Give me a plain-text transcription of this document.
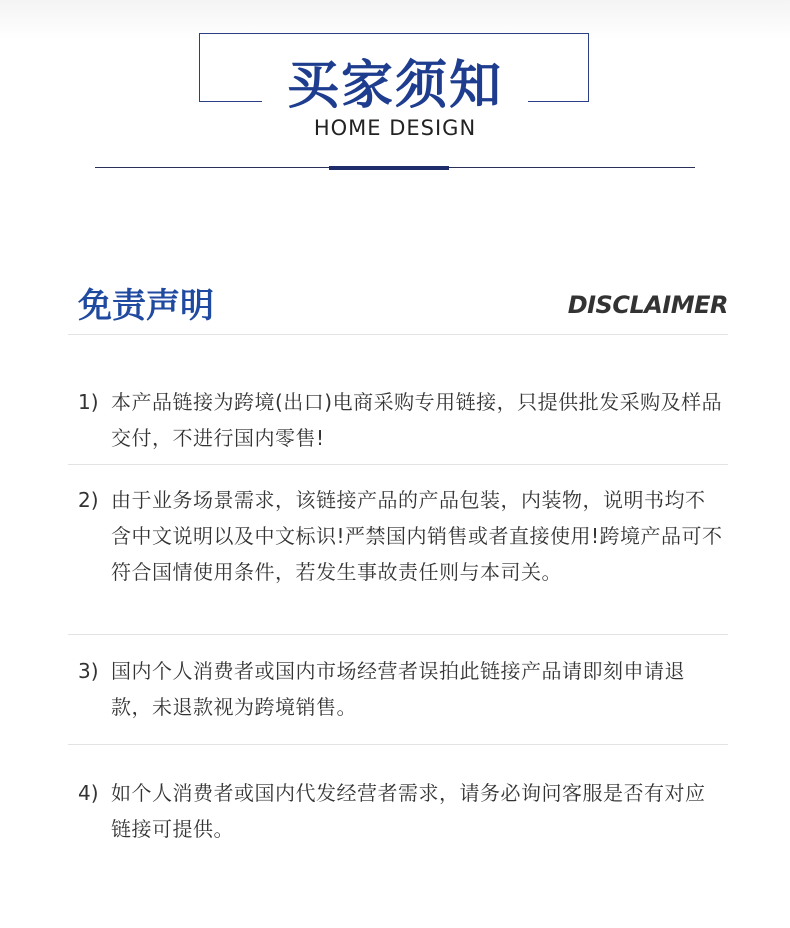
买家须知
HOME DESIGN
免责声明	DISCLAIMER
1) 本产品链接为跨境(出口)电商采购专用链接，只提供批发采购及样品交付，不进行国内零售!
2) 由于业务场景需求，该链接产品的产品包装，内装物，说明书均不含中文说明以及中文标识!严禁国内销售或者直接使用!跨境产品可不符合国情使用条件，若发生事故责任则与本司关。
3) 国内个人消费者或国内市场经营者误拍此链接产品请即刻申请退款，未退款视为跨境销售。
4) 如个人消费者或国内代发经营者需求，请务必询问客服是否有对应链接可提供。
